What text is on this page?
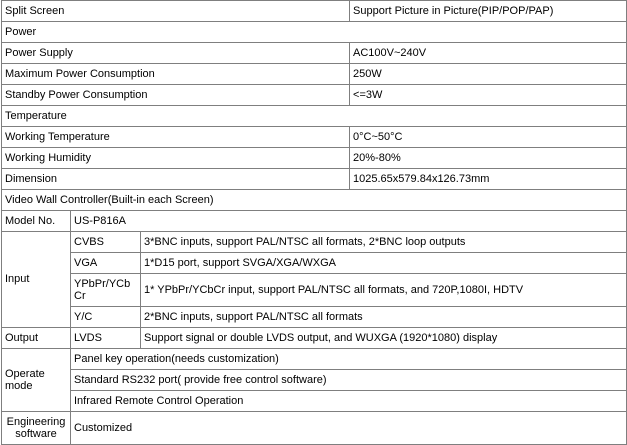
Split Screen			Support Picture in Picture(PIP/POP/PAP)
Power			
Power Supply			AC100V~240V
Maximum Power Consumption			250W
Standby Power Consumption			<=3W
Temperature			
Working Temperature			0°C~50°C
Working Humidity			20%-80%
Dimension			1025.65x579.84x126.73mm
Video Wall Controller(Built-in each Screen)			
Model No.	US-P816A		
Input	CVBS	3*BNC inputs, support PAL/NTSC all formats, 2*BNC loop outputs	
	VGA	1*D15 port, support SVGA/XGA/WXGA	
	YPbPr/YCbCr	1* YPbPr/YCbCr input, support PAL/NTSC all formats, and 720P,1080I, HDTV	
	Y/C	2*BNC inputs, support PAL/NTSC all formats	
Output	LVDS	Support signal or double LVDS output, and WUXGA (1920*1080) display	
Operate mode	Panel key operation(needs customization)		
	Standard RS232 port( provide free control software)		
	Infrared Remote Control Operation		
Engineering software	Customized		
